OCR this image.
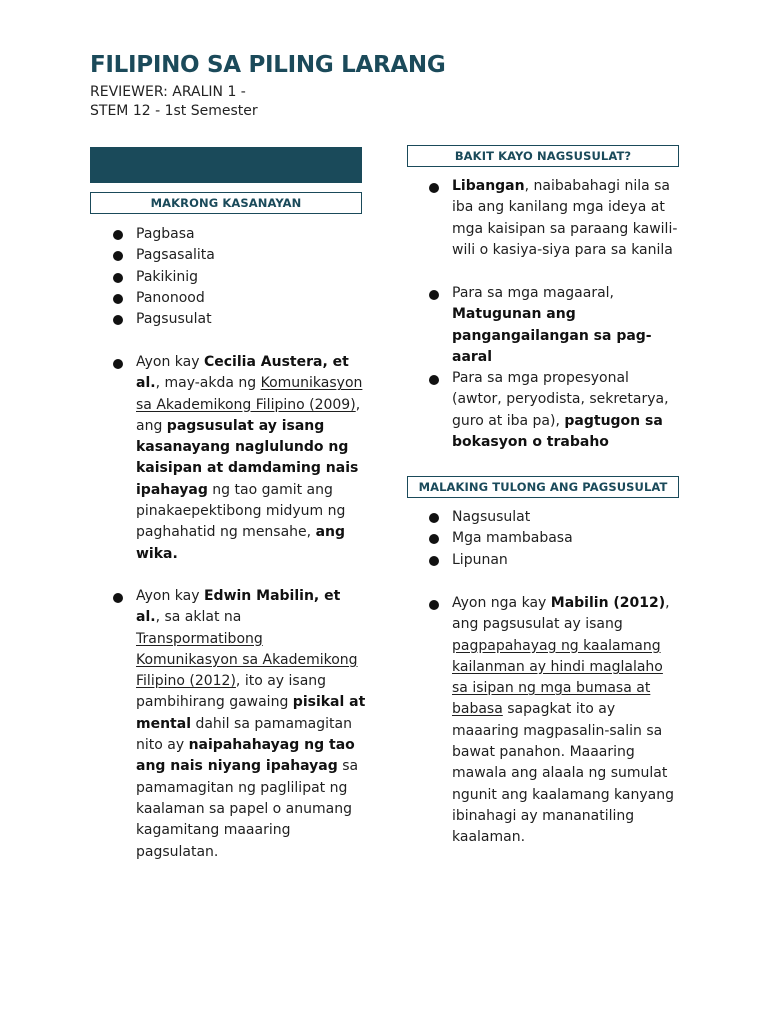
FILIPINO SA PILING LARANG
REVIEWER: ARALIN 1 -
STEM 12 - 1st Semester
MAKRONG KASANAYAN
Pagbasa
Pagsasalita
Pakikinig
Panonood
Pagsusulat
Ayon kay Cecilia Austera, et al., may-akda ng Komunikasyon sa Akademikong Filipino (2009), ang pagsusulat ay isang kasanayang naglulundo ng kaisipan at damdaming nais ipahayag ng tao gamit ang pinakaepektibong midyum ng paghahatid ng mensahe, ang wika.
Ayon kay Edwin Mabilin, et al., sa aklat na Transpormatibong Komunikasyon sa Akademikong Filipino (2012), ito ay isang pambihirang gawaing pisikal at mental dahil sa pamamagitan nito ay naipahahayag ng tao ang nais niyang ipahayag sa pamamagitan ng paglilipat ng kaalaman sa papel o anumang kagamitang maaaring pagsulatan.
BAKIT KAYO NAGSUSULAT?
Libangan, naibabahagi nila sa iba ang kanilang mga ideya at mga kaisipan sa paraang kawili-wili o kasiya-siya para sa kanila
Para sa mga magaaral, Matugunan ang pangangailangan sa pag-aaral
Para sa mga propesyonal (awtor, peryodista, sekretarya, guro at iba pa), pagtugon sa bokasyon o trabaho
MALAKING TULONG ANG PAGSUSULAT
Nagsusulat
Mga mambabasa
Lipunan
Ayon nga kay Mabilin (2012), ang pagsusulat ay isang pagpapahayag ng kaalamang kailanman ay hindi maglalaho sa isipan ng mga bumasa at babasa sapagkat ito ay maaaring magpasalin-salin sa bawat panahon. Maaaring mawala ang alaala ng sumulat ngunit ang kaalamang kanyang ibinahagi ay mananatiling kaalaman.
